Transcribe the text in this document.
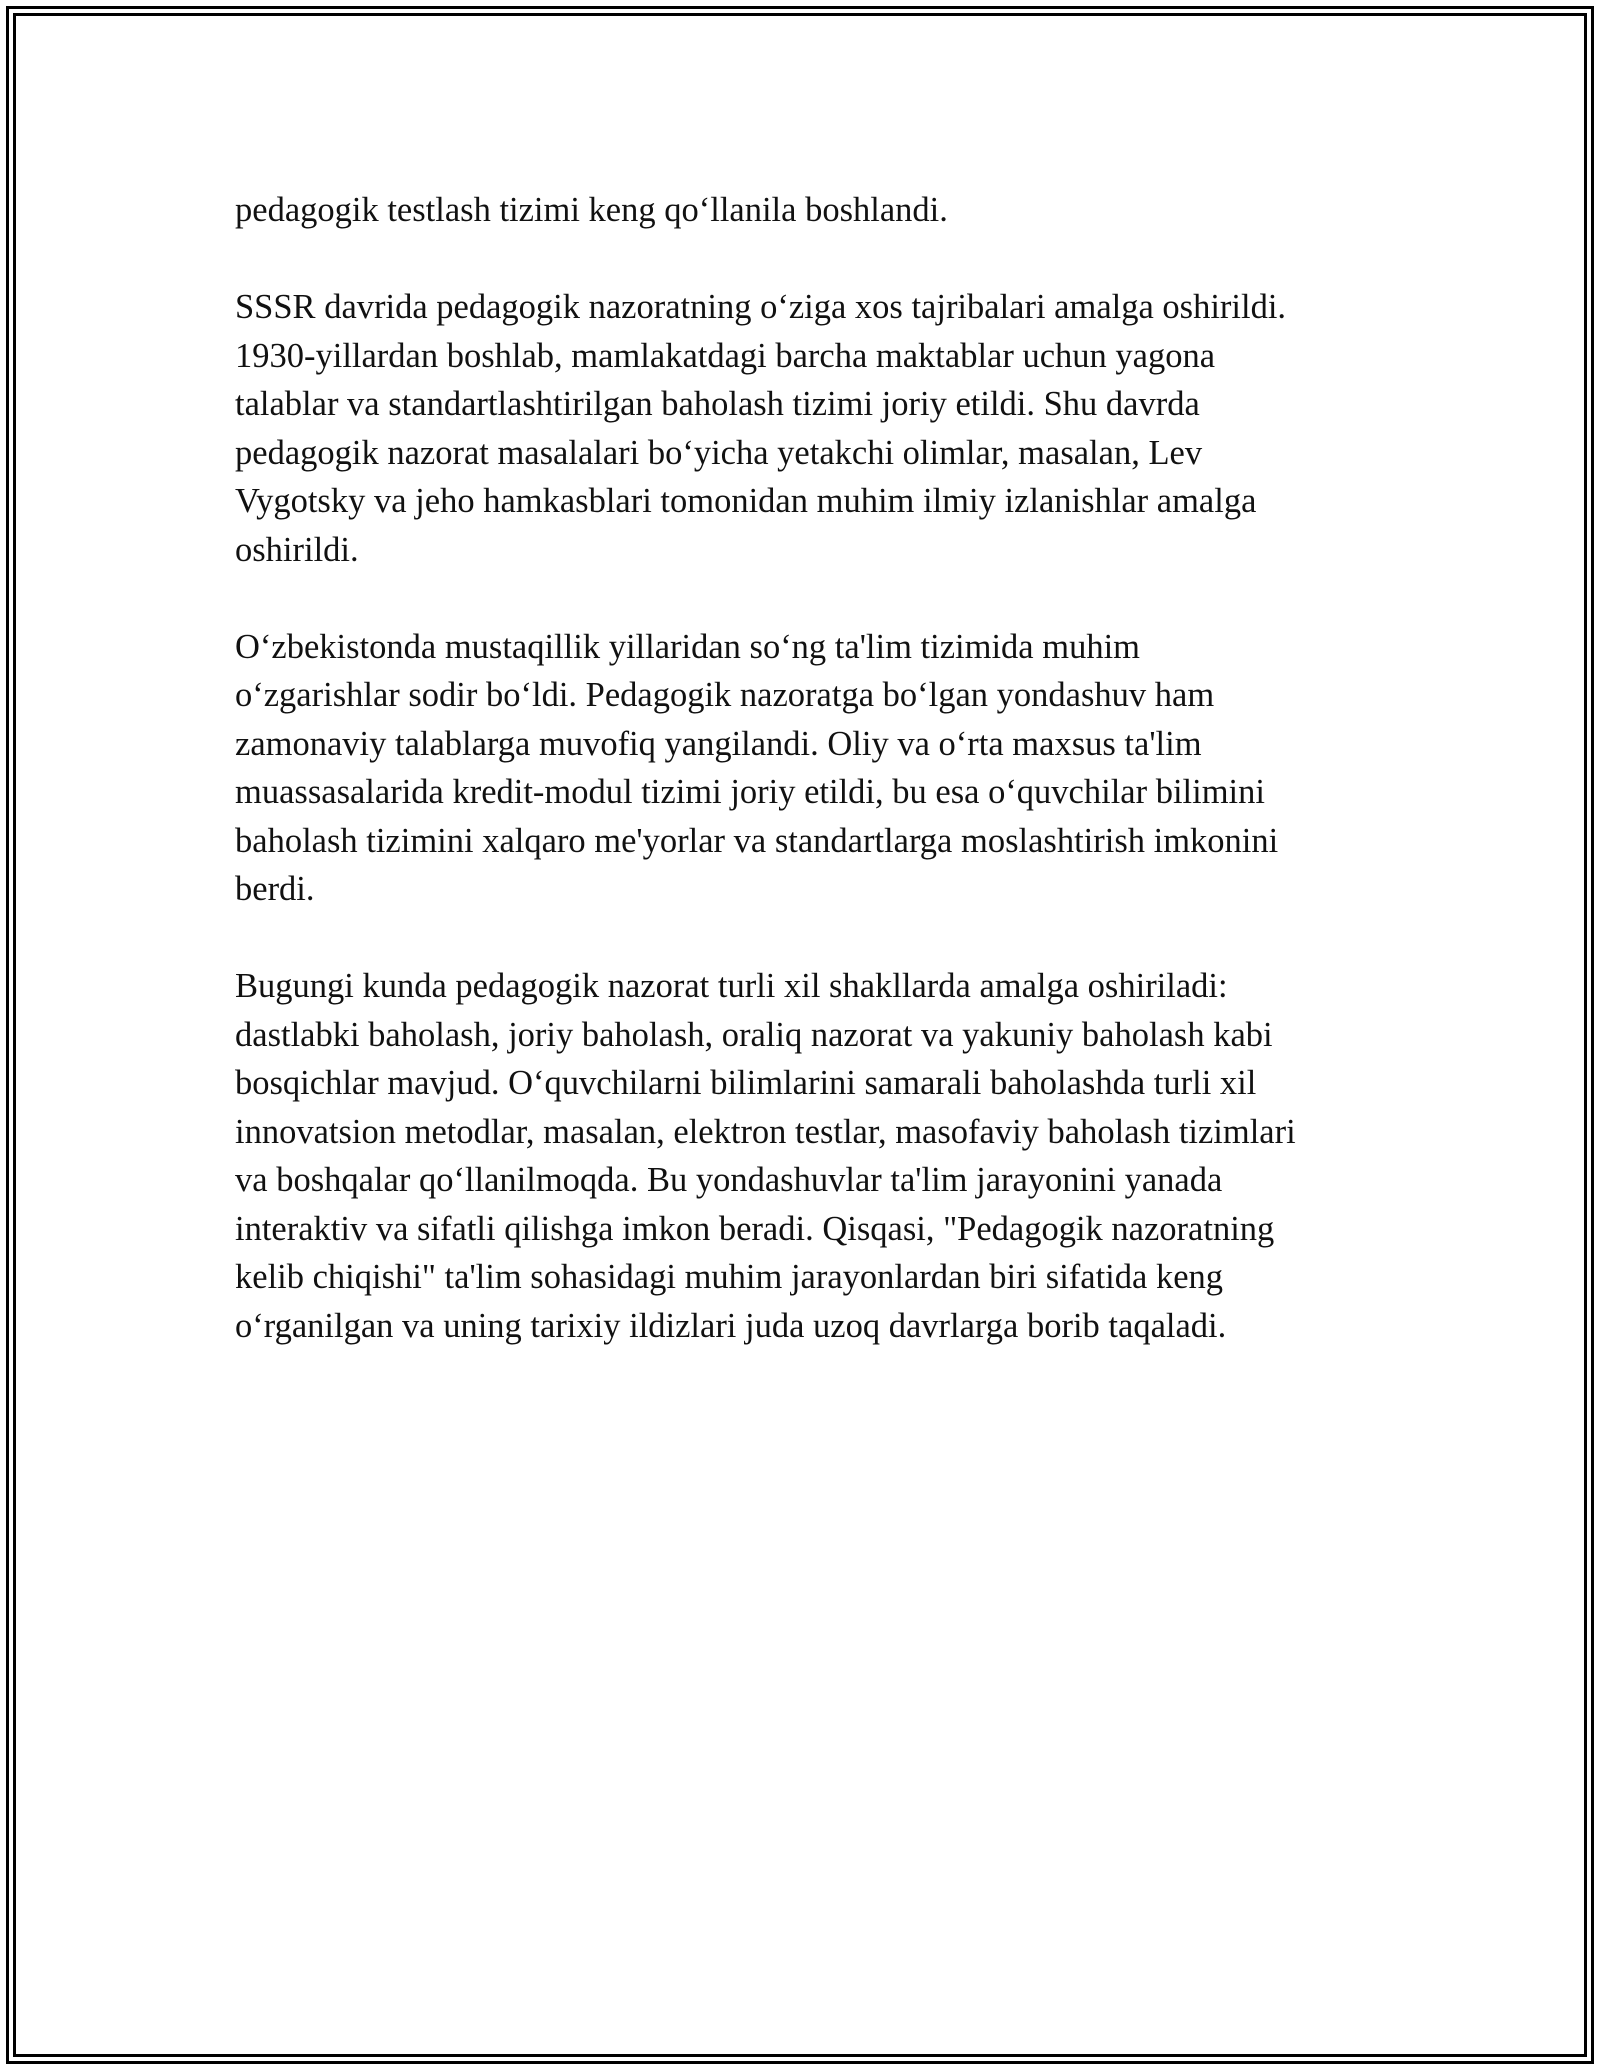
pedagogik testlash tizimi keng qo‘llanila boshlandi.

SSSR davrida pedagogik nazoratning o‘ziga xos tajribalari amalga oshirildi.
1930-yillardan boshlab, mamlakatdagi barcha maktablar uchun yagona
talablar va standartlashtirilgan baholash tizimi joriy etildi. Shu davrda
pedagogik nazorat masalalari bo‘yicha yetakchi olimlar, masalan, Lev
Vygotsky va jeho hamkasblari tomonidan muhim ilmiy izlanishlar amalga
oshirildi.

O‘zbekistonda mustaqillik yillaridan so‘ng ta'lim tizimida muhim
o‘zgarishlar sodir bo‘ldi. Pedagogik nazoratga bo‘lgan yondashuv ham
zamonaviy talablarga muvofiq yangilandi. Oliy va o‘rta maxsus ta'lim
muassasalarida kredit-modul tizimi joriy etildi, bu esa o‘quvchilar bilimini
baholash tizimini xalqaro me'yorlar va standartlarga moslashtirish imkonini
berdi.

Bugungi kunda pedagogik nazorat turli xil shakllarda amalga oshiriladi:
dastlabki baholash, joriy baholash, oraliq nazorat va yakuniy baholash kabi
bosqichlar mavjud. O‘quvchilarni bilimlarini samarali baholashda turli xil
innovatsion metodlar, masalan, elektron testlar, masofaviy baholash tizimlari
va boshqalar qo‘llanilmoqda. Bu yondashuvlar ta'lim jarayonini yanada
interaktiv va sifatli qilishga imkon beradi. Qisqasi, "Pedagogik nazoratning
kelib chiqishi" ta'lim sohasidagi muhim jarayonlardan biri sifatida keng
o‘rganilgan va uning tarixiy ildizlari juda uzoq davrlarga borib taqaladi.
